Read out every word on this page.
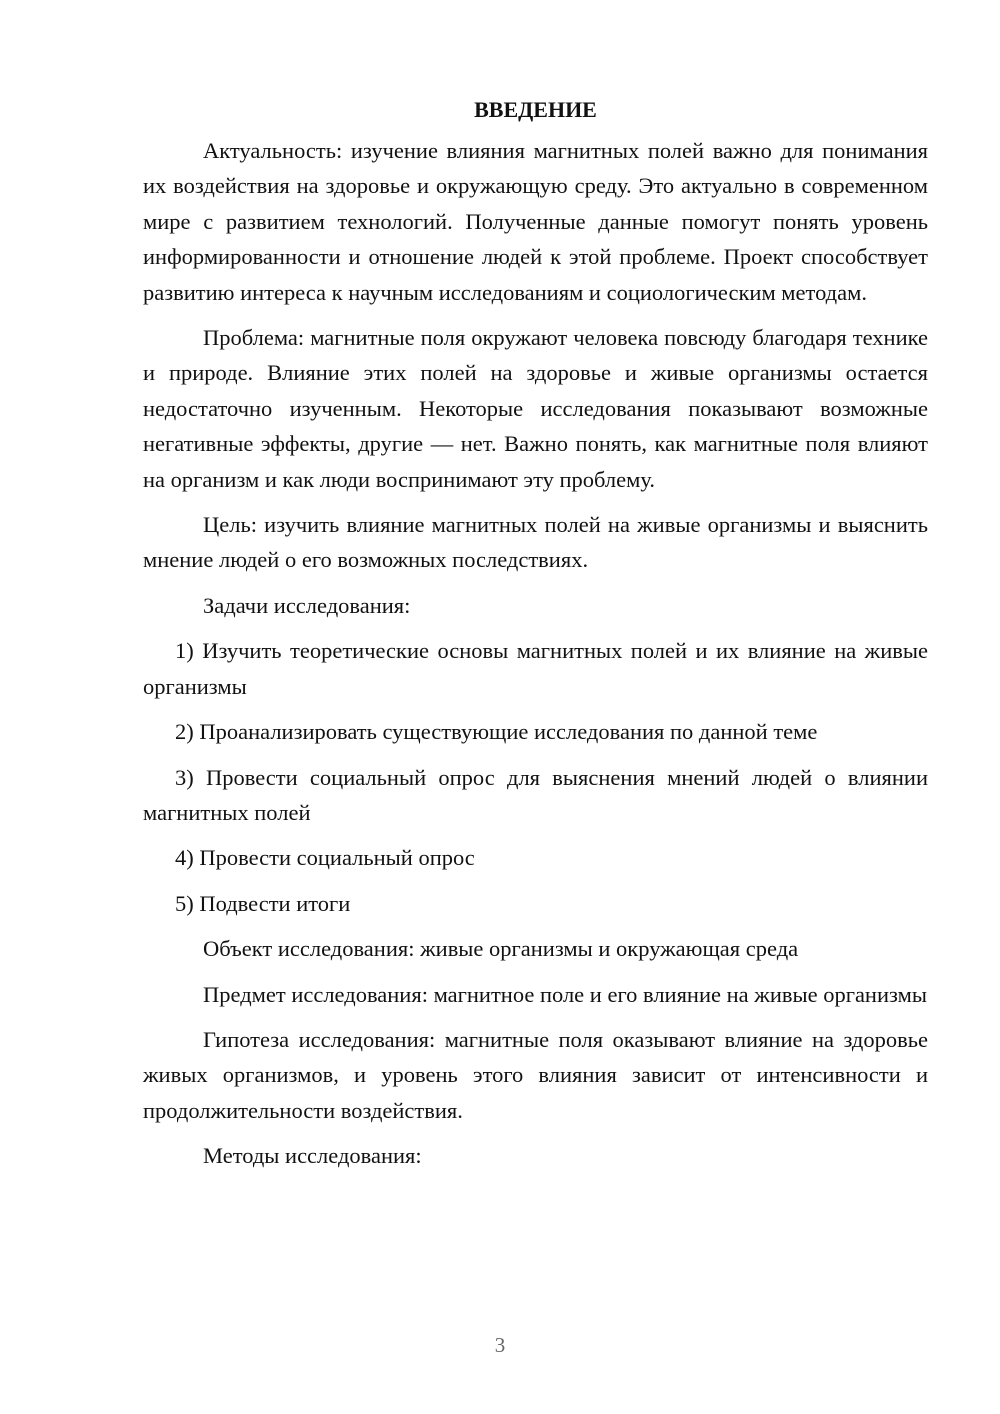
ВВЕДЕНИЕ

Актуальность: изучение влияния магнитных полей важно для понимания их воздействия на здоровье и окружающую среду. Это актуально в современном мире с развитием технологий. Полученные данные помогут понять уровень информированности и отношение людей к этой проблеме. Проект способствует развитию интереса к научным исследованиям и социологическим методам.

Проблема: магнитные поля окружают человека повсюду благодаря технике и природе. Влияние этих полей на здоровье и живые организмы остается недостаточно изученным. Некоторые исследования показывают возможные негативные эффекты, другие — нет. Важно понять, как магнитные поля влияют на организм и как люди воспринимают эту проблему.

Цель: изучить влияние магнитных полей на живые организмы и выяснить мнение людей о его возможных последствиях.

Задачи исследования:

1) Изучить теоретические основы магнитных полей и их влияние на живые организмы

2) Проанализировать существующие исследования по данной теме

3) Провести социальный опрос для выяснения мнений людей о влиянии магнитных полей

4) Провести социальный опрос

5) Подвести итоги

Объект исследования: живые организмы и окружающая среда

Предмет исследования: магнитное поле и его влияние на живые организмы

Гипотеза исследования: магнитные поля оказывают влияние на здоровье живых организмов, и уровень этого влияния зависит от интенсивности и продолжительности воздействия.

Методы исследования:

3
